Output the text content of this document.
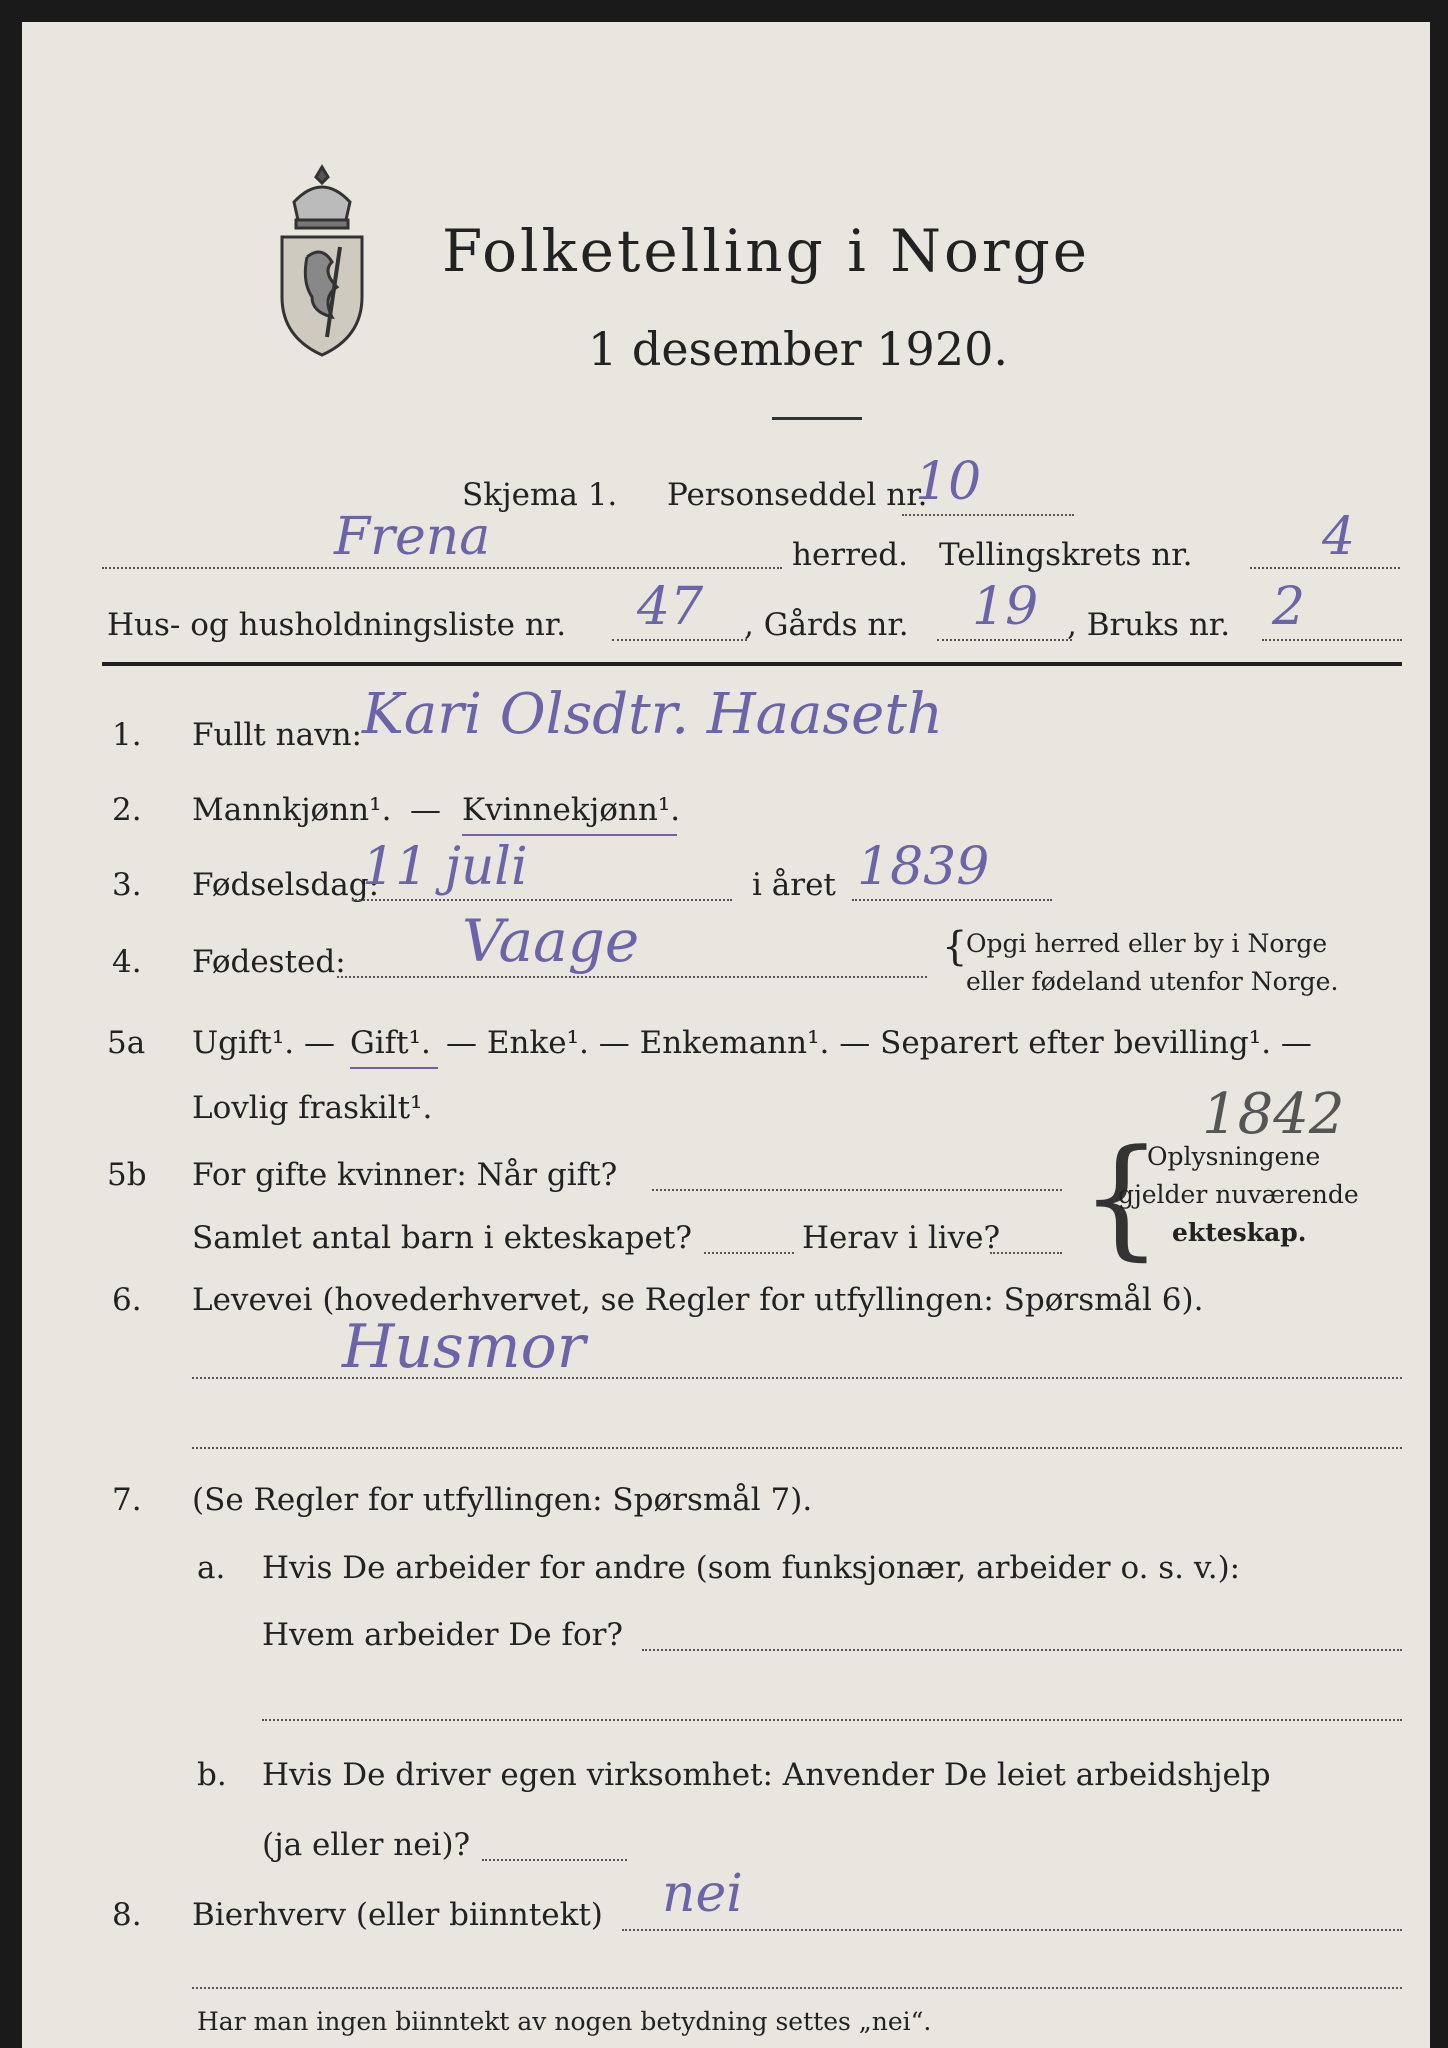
Folketelling i Norge
1 desember 1920.
Skjema 1. Personseddel nr.
10
Frena	herred. Tellingskrets nr. 4
Hus- og husholdningsliste nr. 47 , Gårds nr. 19 , Bruks nr. 2
1. Fullt navn: Kari Olsdtr. Haaseth
2. Mannkjønn¹. — Kvinnekjønn¹.
3. Fødselsdag:
11 juli	i året 1839
4. Fødested: Vaage	{
Opgi herred eller by i Norge
eller fødeland utenfor Norge.
5a Ugift¹. — Gift¹. — Enke¹. — Enkemann¹. — Separert efter bevilling¹. —
Lovlig fraskilt¹.
5b For gifte kvinner: Når gift?
1842
Samlet antal barn i ekteskapet?	Herav i live? {
Oplysningene
gjelder nuværende
ekteskap.
6. Levevei (hovederhvervet, se Regler for utfyllingen: Spørsmål 6).
Husmor
7. (Se Regler for utfyllingen: Spørsmål 7).
a. Hvis De arbeider for andre (som funksjonær, arbeider o. s. v.):
Hvem arbeider De for?
b. Hvis De driver egen virksomhet: Anvender De leiet arbeidshjelp
(ja eller nei)?
8. Bierhverv (eller biinntekt) nei
Har man ingen biinntekt av nogen betydning settes „nei“.
